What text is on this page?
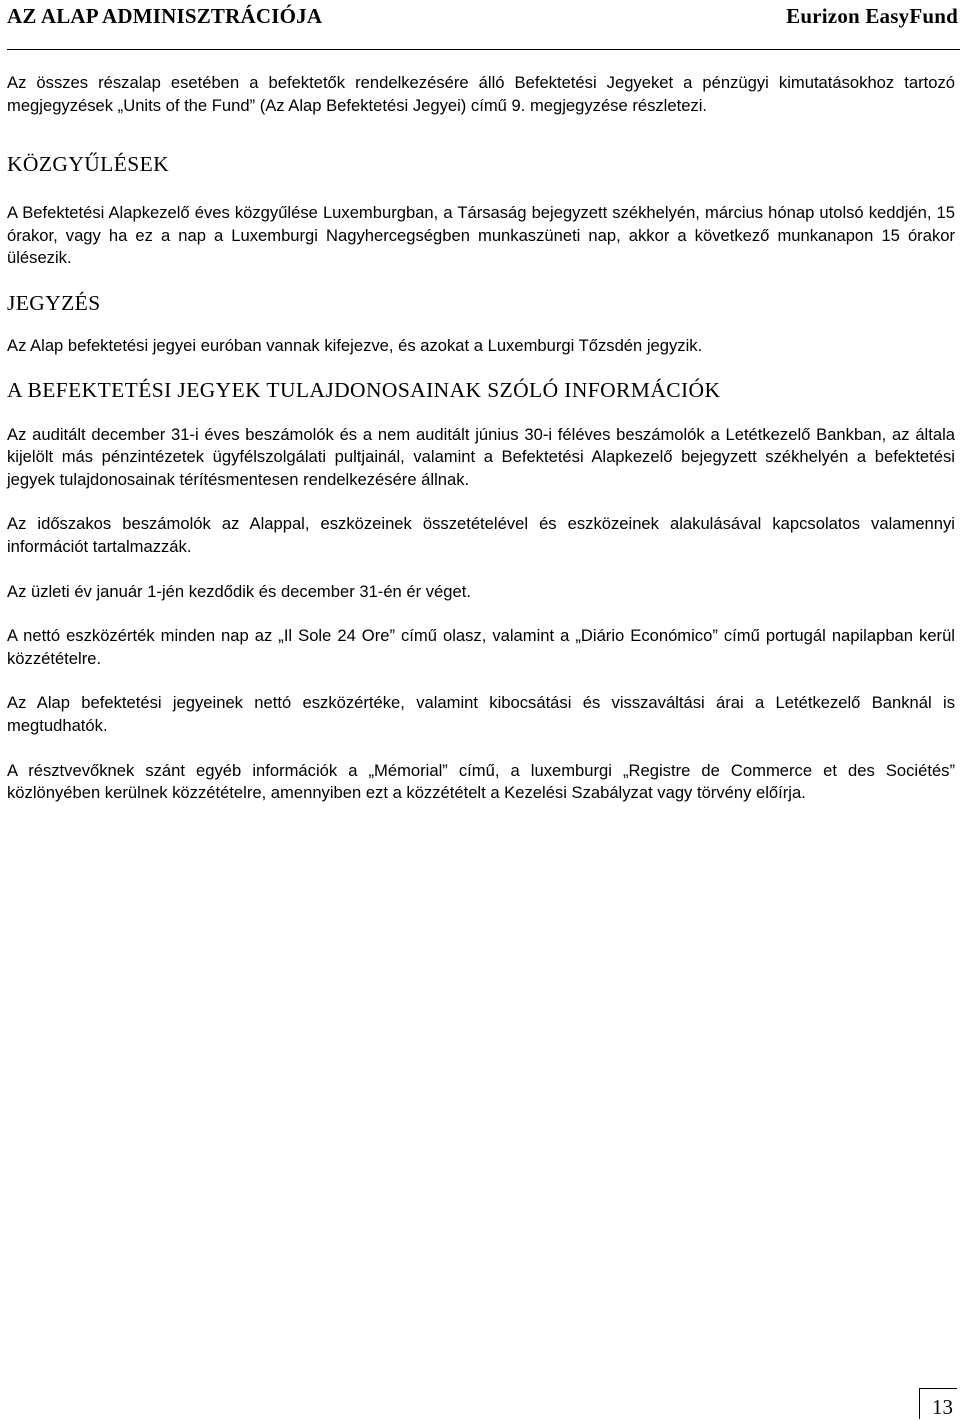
AZ ALAP ADMINISZTRÁCIÓJA	Eurizon EasyFund

Az összes részalap esetében a befektetők rendelkezésére álló Befektetési Jegyeket a pénzügyi kimutatásokhoz tartozó megjegyzések „Units of the Fund” (Az Alap Befektetési Jegyei) című 9. megjegyzése részletezi.

KÖZGYŰLÉSEK

A Befektetési Alapkezelő éves közgyűlése Luxemburgban, a Társaság bejegyzett székhelyén, március hónap utolsó keddjén, 15 órakor, vagy ha ez a nap a Luxemburgi Nagyhercegségben munkaszüneti nap, akkor a következő munkanapon 15 órakor ülésezik.

JEGYZÉS

Az Alap befektetési jegyei euróban vannak kifejezve, és azokat a Luxemburgi Tőzsdén jegyzik.

A BEFEKTETÉSI JEGYEK TULAJDONOSAINAK SZÓLÓ INFORMÁCIÓK

Az auditált december 31-i éves beszámolók és a nem auditált június 30-i féléves beszámolók a Letétkezelő Bankban, az általa kijelölt más pénzintézetek ügyfélszolgálati pultjainál, valamint a Befektetési Alapkezelő bejegyzett székhelyén a befektetési jegyek tulajdonosainak térítésmentesen rendelkezésére állnak.

Az időszakos beszámolók az Alappal, eszközeinek összetételével és eszközeinek alakulásával kapcsolatos valamennyi információt tartalmazzák.

Az üzleti év január 1-jén kezdődik és december 31-én ér véget.

A nettó eszközérték minden nap az „Il Sole 24 Ore” című olasz, valamint a „Diário Económico” című portugál napilapban kerül közzétételre.

Az Alap befektetési jegyeinek nettó eszközértéke, valamint kibocsátási és visszaváltási árai a Letétkezelő Banknál is megtudhatók.

A résztvevőknek szánt egyéb információk a „Mémorial” című, a luxemburgi „Registre de Commerce et des Sociétés” közlönyében kerülnek közzétételre, amennyiben ezt a közzétételt a Kezelési Szabályzat vagy törvény előírja.

13
